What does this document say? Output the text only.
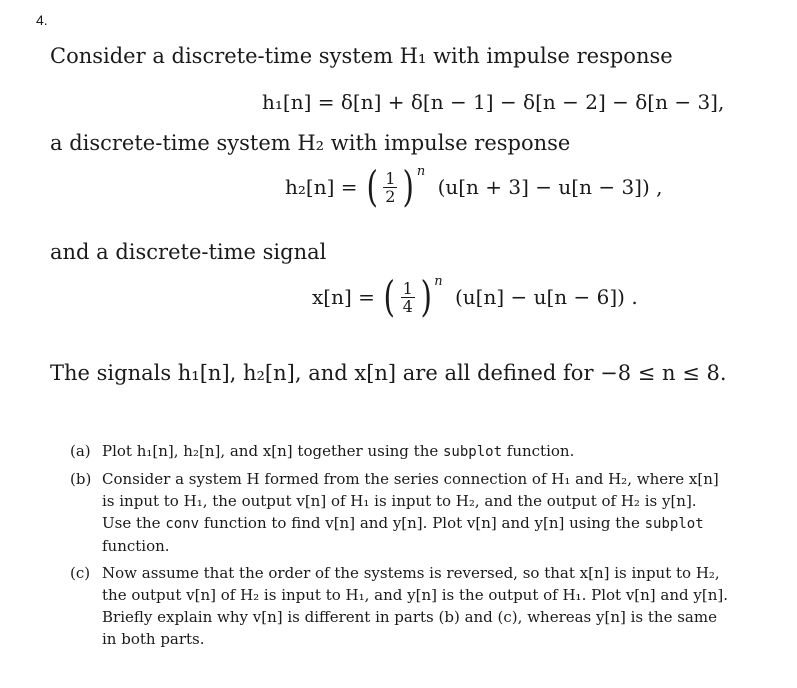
4.
Consider a discrete-time system H₁ with impulse response
h₁[n] = δ[n] + δ[n − 1] − δ[n − 2] − δ[n − 3],
a discrete-time system H₂ with impulse response
h₂[n] = ( $\frac{1}{2}$ ) n (u[n + 3] − u[n − 3]) ,
and a discrete-time signal
x[n] = ( $\frac{1}{4}$ ) n (u[n] − u[n − 6]) .
The signals h₁[n], h₂[n], and x[n] are all defined for −8 ≤ n ≤ 8.
(a) Plot h₁[n], h₂[n], and x[n] together using the subplot function.
(b) Consider a system H formed from the series connection of H₁ and H₂, where x[n] is input to H₁, the output v[n] of H₁ is input to H₂, and the output of H₂ is y[n]. Use the conv function to find v[n] and y[n]. Plot v[n] and y[n] using the subplot function.
(c) Now assume that the order of the systems is reversed, so that x[n] is input to H₂, the output v[n] of H₂ is input to H₁, and y[n] is the output of H₁. Plot v[n] and y[n]. Briefly explain why v[n] is different in parts (b) and (c), whereas y[n] is the same in both parts.
